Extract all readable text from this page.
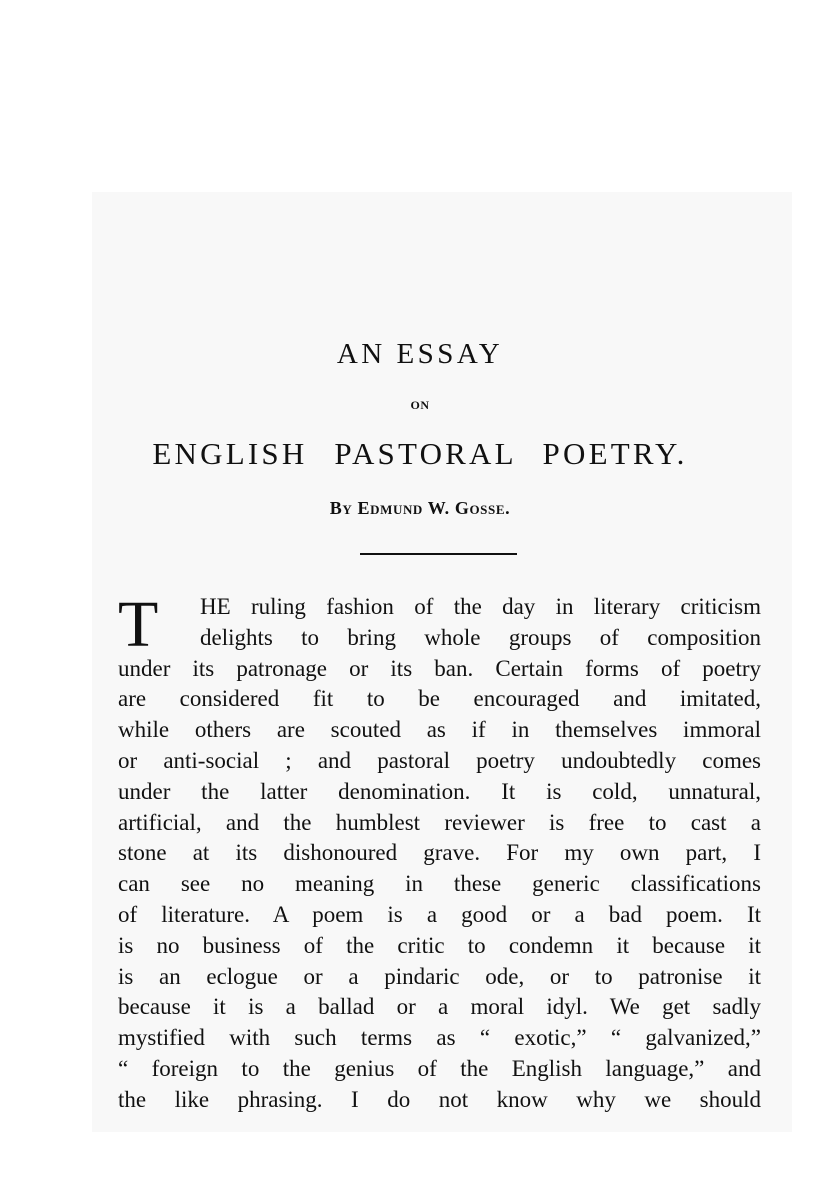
AN ESSAY
ON
ENGLISH PASTORAL POETRY.
By Edmund W. Gosse.
T	HE ruling fashion of the day in literary criticism
delights to bring whole groups of composition
under its patronage or its ban. Certain forms of poetry
are considered fit to be encouraged and imitated,
while others are scouted as if in themselves immoral
or anti-social ; and pastoral poetry undoubtedly comes
under the latter denomination. It is cold, unnatural,
artificial, and the humblest reviewer is free to cast a
stone at its dishonoured grave. For my own part, I
can see no meaning in these generic classifications
of literature. A poem is a good or a bad poem. It
is no business of the critic to condemn it because it
is an eclogue or a pindaric ode, or to patronise it
because it is a ballad or a moral idyl. We get sadly
mystified with such terms as “ exotic,” “ galvanized,”
“ foreign to the genius of the English language,” and
the like phrasing. I do not know why we should
